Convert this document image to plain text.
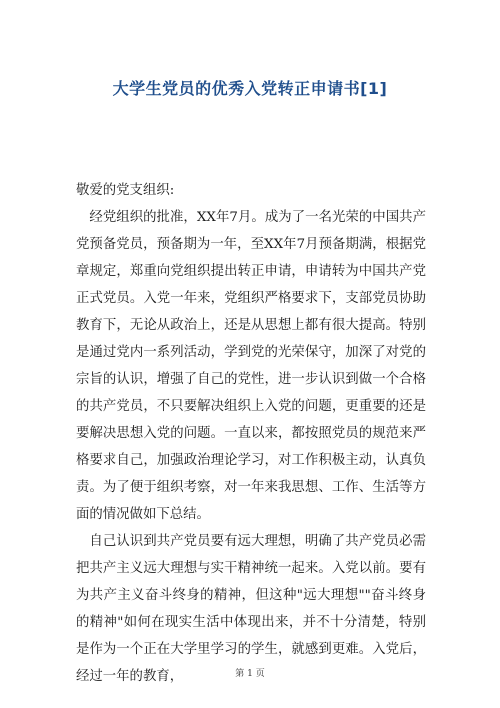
大学生党员的优秀入党转正申请书[1]

敬爱的党支组织:

经党组织的批准，XX年7月。成为了一名光荣的中国共产党预备党员，预备期为一年，至XX年7月预备期满，根据党章规定，郑重向党组织提出转正申请，申请转为中国共产党正式党员。入党一年来，党组织严格要求下，支部党员协助教育下，无论从政治上，还是从思想上都有很大提高。特别是通过党内一系列活动，学到党的光荣保守，加深了对党的宗旨的认识，增强了自己的党性，进一步认识到做一个合格的共产党员，不只要解决组织上入党的问题，更重要的还是要解决思想入党的问题。一直以来，都按照党员的规范来严格要求自己，加强政治理论学习，对工作积极主动，认真负责。为了便于组织考察，对一年来我思想、工作、生活等方面的情况做如下总结。

自己认识到共产党员要有远大理想，明确了共产党员必需把共产主义远大理想与实干精神统一起来。入党以前。要有为共产主义奋斗终身的精神，但这种"远大理想""奋斗终身的精神"如何在现实生活中体现出来，并不十分清楚，特别是作为一个正在大学里学习的学生，就感到更难。入党后，经过一年的教育，	第 1 页
